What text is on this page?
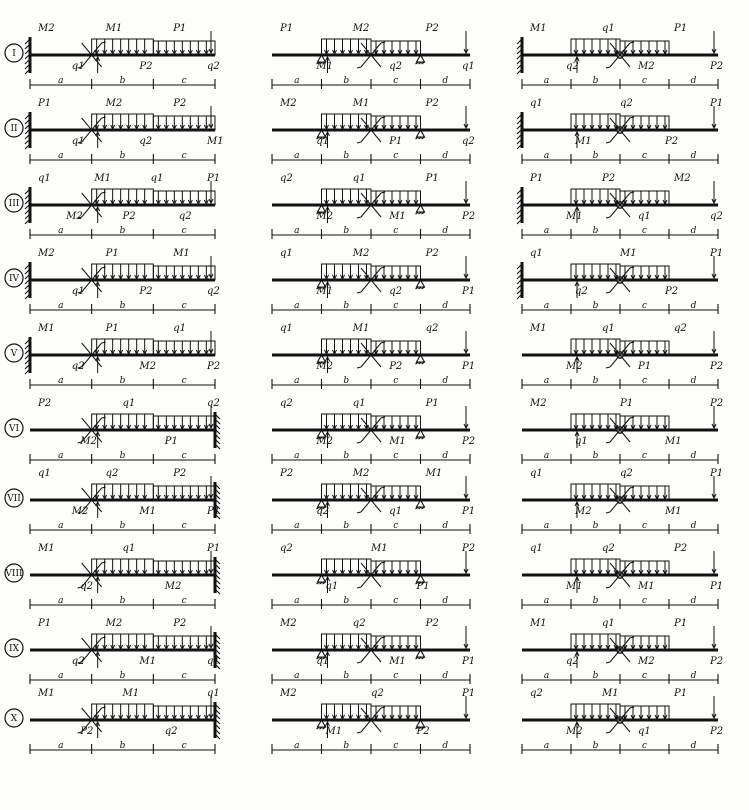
I
a	b	c
M2
q1
M1
P2
P1
q2
a	b	c	d
P1
M1
M2
q2
P2
q1
a	b	c	d
M1
q2
q1
M2
P1
P2
II
a	b	c
P1
q1
M2
q2
P2
M1
a	b	c	d
M2
q1
M1
P1
P2
q2
a	b	c	d
q1
M1
q2
P2
P1
III
a	b	c
q1
M2
M1
P2
q1
q2
P1
a	b	c	d
q2
M2
q1
M1
P1
P2
a	b	c	d
P1
M1
P2
q1
M2
q2
IV
a	b	c
M2
q1
P1
P2
M1
q2
a	b	c	d
q1
M1
M2
q2
P2
P1
a	b	c	d
q1
q2
M1
P2
P1
V
a	b	c
M1
q2
P1
M2
q1
P2
a	b	c	d
q1
M2
M1
P2
q2
P1
a	b	c	d
M1
M2
q1
P1
q2
P2
VI
a	b	c
P2
M2
q1
P1
q2
a	b	c	d
q2
M2
q1
M1
P1
P2
a	b	c	d
M2
q1
P1
M1
P2
VII
a	b	c
q1
M2
q2
M1
P2
P1
a	b	c	d
P2
q2
M2
q1
M1
P1
a	b	c	d
q1
M2
q2
M1
P1
VIII
a	b	c
M1
q2
q1
M2
P1
a	b	c	d
q2
q1
M1
P1
P2
a	b	c	d
q1
M1
q2
M1
P2
P1
IX
a	b	c
P1
q2
M2
M1
P2
q1
a	b	c	d
M2
q1
q2
M1
P2
P1
a	b	c	d
M1
q2
q1
M2
P1
P2
X
a	b	c
M1
P2
M1
q2
q1
a	b	c	d
M2
M1
q2
P2
P1
a	b	c	d
q2
M2
M1
q1
P1
P2
